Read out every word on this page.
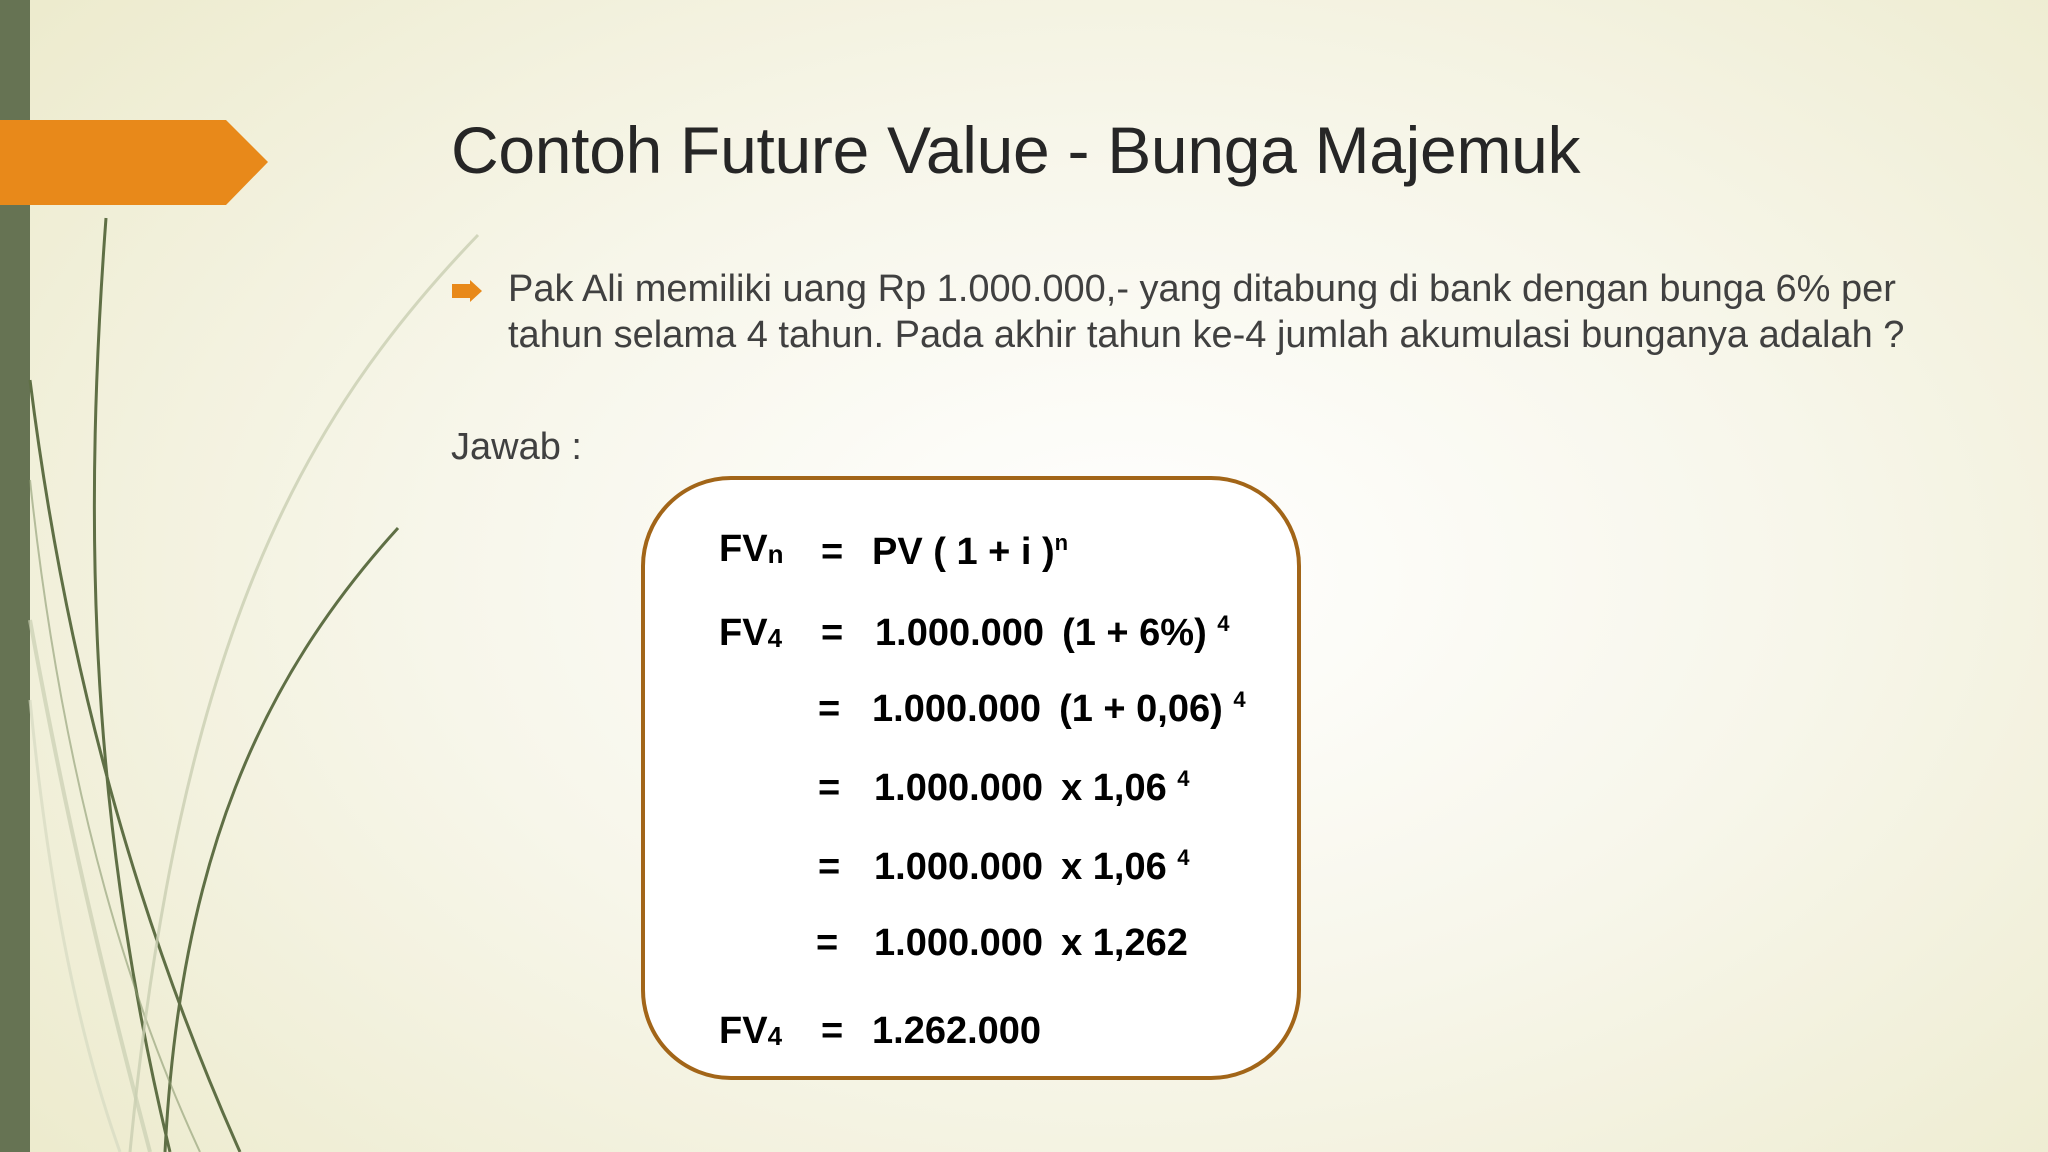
Contoh Future Value - Bunga Majemuk

Pak Ali memiliki uang Rp 1.000.000,- yang ditabung di bank dengan bunga 6% per tahun selama 4 tahun. Pada akhir tahun ke-4 jumlah akumulasi bunganya adalah ?

Jawab :

$FV_n$ = PV ( 1 + i )$^n$
$FV_4 = 1.000.000$ (1 + 6%) $^4$
= 1.000.000 (1 + 0,06) $^4$
= 1.000.000 x 1,06 $^4$
= 1.000.000 x 1,06 $^4$
= 1.000.000 x 1,262
$FV_4 = 1.262.000$
